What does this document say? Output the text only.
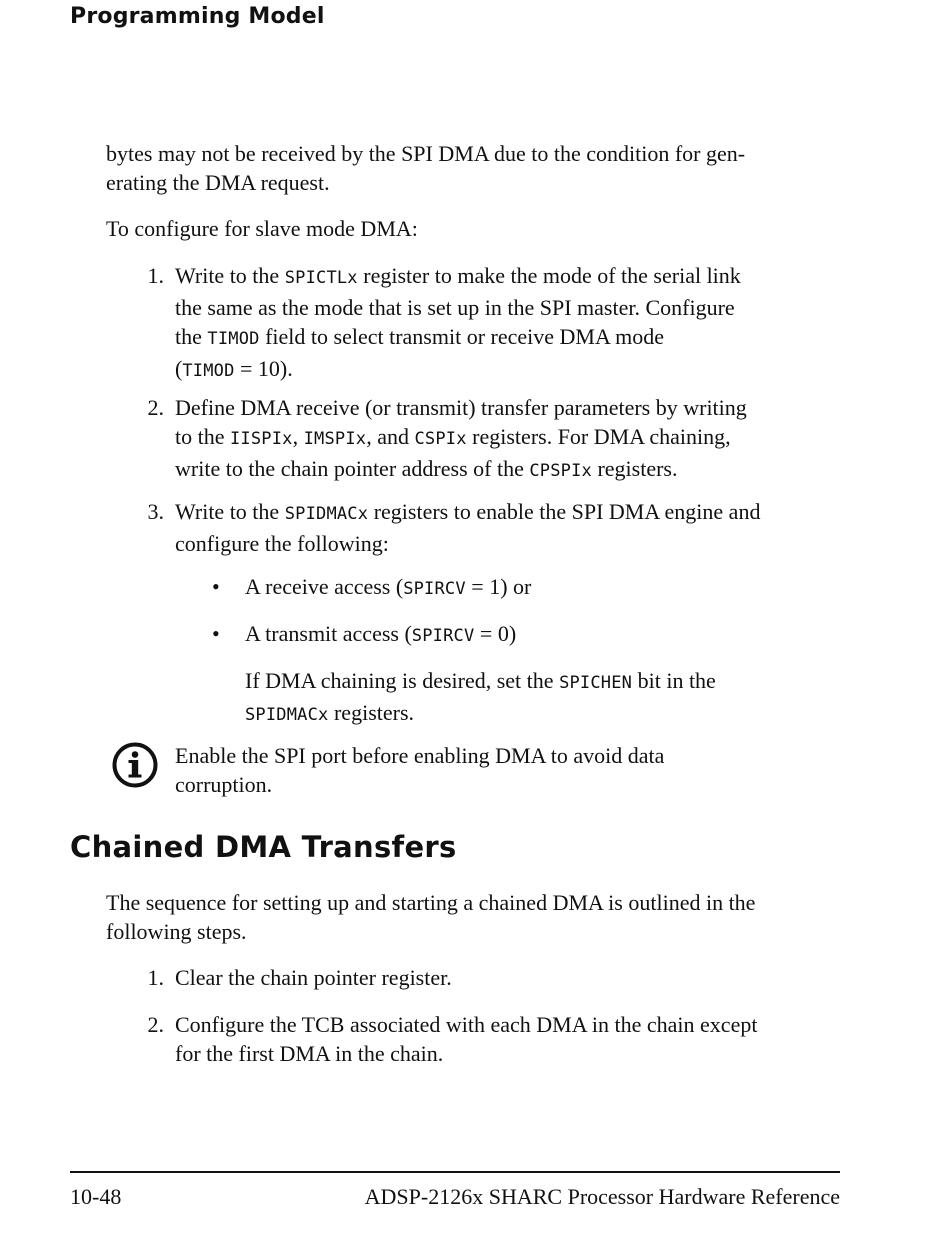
Programming Model
bytes may not be received by the SPI DMA due to the condition for gen-
erating the DMA request.
To configure for slave mode DMA:
1. Write to the SPICTLx register to make the mode of the serial link
the same as the mode that is set up in the SPI master. Configure
the TIMOD field to select transmit or receive DMA mode
(TIMOD = 10).
2. Define DMA receive (or transmit) transfer parameters by writing
to the IISPIx, IMSPIx, and CSPIx registers. For DMA chaining,
write to the chain pointer address of the CPSPIx registers.
3. Write to the SPIDMACx registers to enable the SPI DMA engine and
configure the following:
• A receive access (SPIRCV = 1) or
• A transmit access (SPIRCV = 0)
If DMA chaining is desired, set the SPICHEN bit in the
SPIDMACx registers.
Enable the SPI port before enabling DMA to avoid data
corruption.
Chained DMA Transfers
The sequence for setting up and starting a chained DMA is outlined in the
following steps.
1. Clear the chain pointer register.
2. Configure the TCB associated with each DMA in the chain except
for the first DMA in the chain.
10-48	ADSP-2126x SHARC Processor Hardware Reference
